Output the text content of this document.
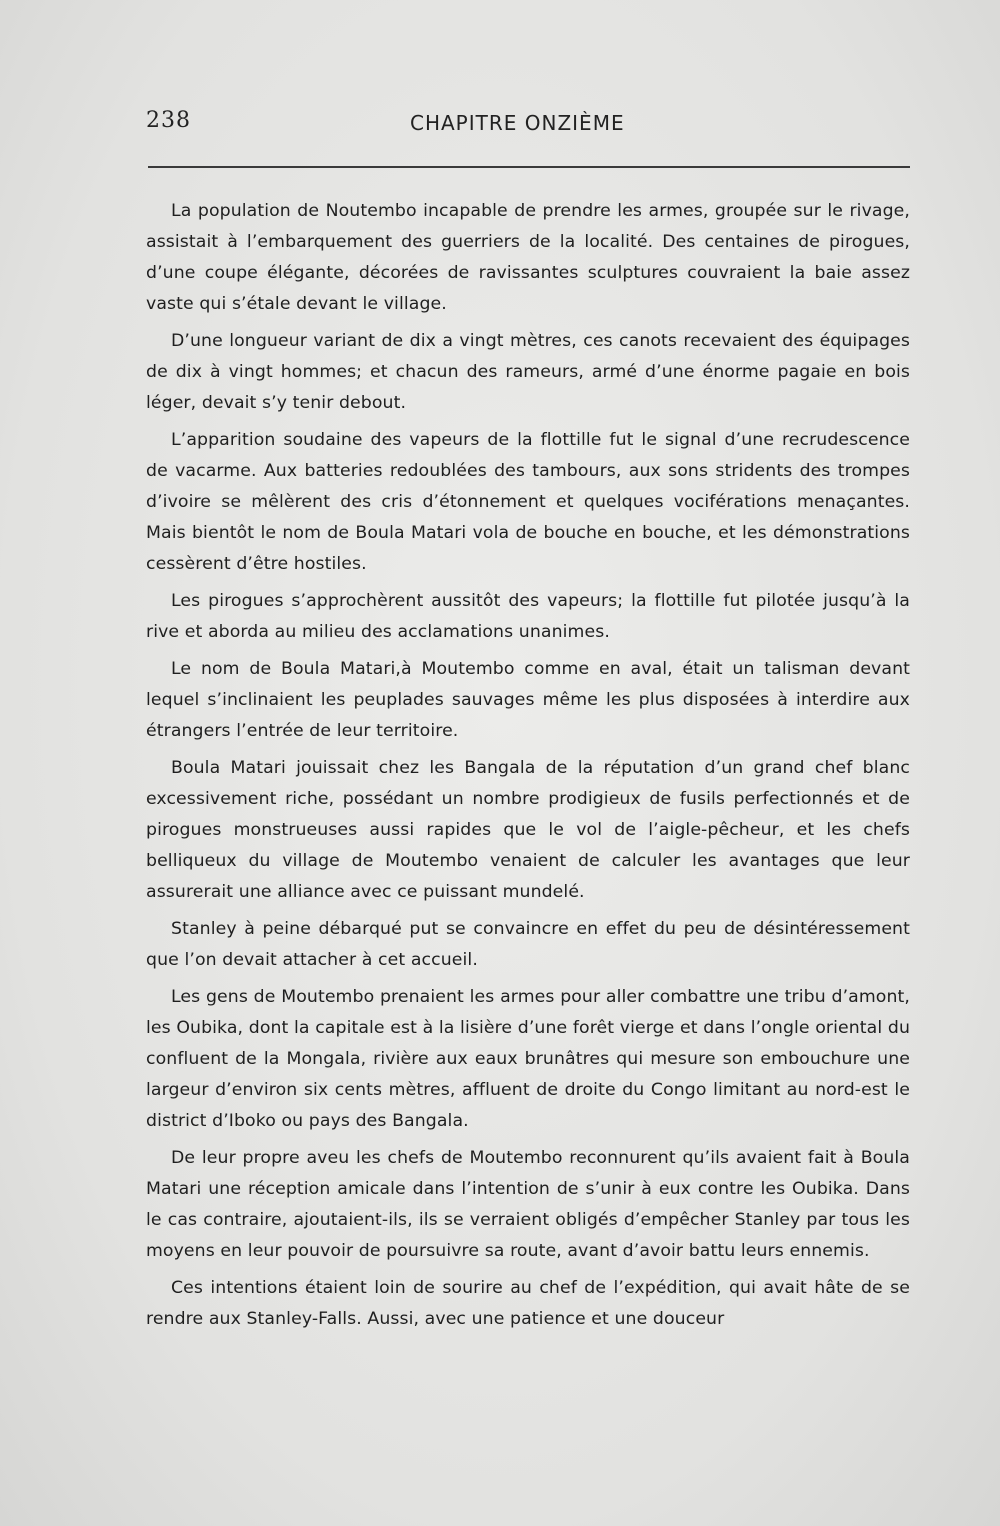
238	CHAPITRE ONZIÈME

La population de Noutembo incapable de prendre les armes, groupée sur le rivage, assistait à l’embarquement des guerriers de la localité. Des centaines de pirogues, d’une coupe élégante, décorées de ravissantes sculptures couvraient la baie assez vaste qui s’étale devant le village.

D’une longueur variant de dix a vingt mètres, ces canots recevaient des équipages de dix à vingt hommes; et chacun des rameurs, armé d’une énorme pagaie en bois léger, devait s’y tenir debout.

L’apparition soudaine des vapeurs de la flottille fut le signal d’une recrudescence de vacarme. Aux batteries redoublées des tambours, aux sons stridents des trompes d’ivoire se mêlèrent des cris d’étonnement et quelques vociférations menaçantes. Mais bientôt le nom de Boula Matari vola de bouche en bouche, et les démonstrations cessèrent d’être hostiles.

Les pirogues s’approchèrent aussitôt des vapeurs; la flottille fut pilotée jusqu’à la rive et aborda au milieu des acclamations unanimes.

Le nom de Boula Matari,à Moutembo comme en aval, était un talisman devant lequel s’inclinaient les peuplades sauvages même les plus disposées à interdire aux étrangers l’entrée de leur territoire.

Boula Matari jouissait chez les Bangala de la réputation d’un grand chef blanc excessivement riche, possédant un nombre prodigieux de fusils perfectionnés et de pirogues monstrueuses aussi rapides que le vol de l’aigle-pêcheur, et les chefs belliqueux du village de Moutembo venaient de calculer les avantages que leur assurerait une alliance avec ce puissant mundelé.

Stanley à peine débarqué put se convaincre en effet du peu de désintéressement que l’on devait attacher à cet accueil.

Les gens de Moutembo prenaient les armes pour aller combattre une tribu d’amont, les Oubika, dont la capitale est à la lisière d’une forêt vierge et dans l’ongle oriental du confluent de la Mongala, rivière aux eaux brunâtres qui mesure son embouchure une largeur d’environ six cents mètres, affluent de droite du Congo limitant au nord-est le district d’Iboko ou pays des Bangala.

De leur propre aveu les chefs de Moutembo reconnurent qu’ils avaient fait à Boula Matari une réception amicale dans l’intention de s’unir à eux contre les Oubika. Dans le cas contraire, ajoutaient-ils, ils se verraient obligés d’empêcher Stanley par tous les moyens en leur pouvoir de poursuivre sa route, avant d’avoir battu leurs ennemis.

Ces intentions étaient loin de sourire au chef de l’expédition, qui avait hâte de se rendre aux Stanley-Falls. Aussi, avec une patience et une douceur
